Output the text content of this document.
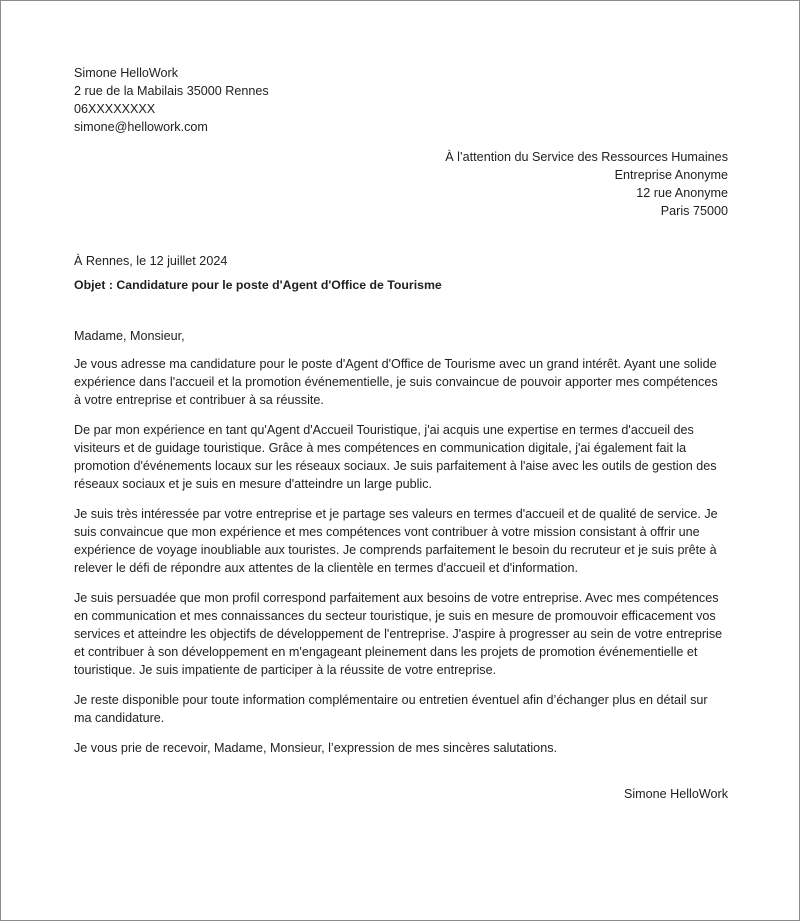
Simone HelloWork
2 rue de la Mabilais 35000 Rennes
06XXXXXXXX
simone@hellowork.com
À l’attention du Service des Ressources Humaines
Entreprise Anonyme
12 rue Anonyme
Paris 75000
À Rennes, le 12 juillet 2024
Objet : Candidature pour le poste d'Agent d'Office de Tourisme
Madame, Monsieur,
Je vous adresse ma candidature pour le poste d'Agent d'Office de Tourisme avec un grand intérêt. Ayant une solide expérience dans l'accueil et la promotion événementielle, je suis convaincue de pouvoir apporter mes compétences à votre entreprise et contribuer à sa réussite.
De par mon expérience en tant qu'Agent d'Accueil Touristique, j'ai acquis une expertise en termes d'accueil des visiteurs et de guidage touristique. Grâce à mes compétences en communication digitale, j'ai également fait la promotion d'événements locaux sur les réseaux sociaux. Je suis parfaitement à l'aise avec les outils de gestion des réseaux sociaux et je suis en mesure d'atteindre un large public.
Je suis très intéressée par votre entreprise et je partage ses valeurs en termes d'accueil et de qualité de service. Je suis convaincue que mon expérience et mes compétences vont contribuer à votre mission consistant à offrir une expérience de voyage inoubliable aux touristes. Je comprends parfaitement le besoin du recruteur et je suis prête à relever le défi de répondre aux attentes de la clientèle en termes d'accueil et d'information.
Je suis persuadée que mon profil correspond parfaitement aux besoins de votre entreprise. Avec mes compétences en communication et mes connaissances du secteur touristique, je suis en mesure de promouvoir efficacement vos services et atteindre les objectifs de développement de l'entreprise. J'aspire à progresser au sein de votre entreprise et contribuer à son développement en m'engageant pleinement dans les projets de promotion événementielle et touristique. Je suis impatiente de participer à la réussite de votre entreprise.
Je reste disponible pour toute information complémentaire ou entretien éventuel afin d’échanger plus en détail sur ma candidature.
Je vous prie de recevoir, Madame, Monsieur, l’expression de mes sincères salutations.
Simone HelloWork
